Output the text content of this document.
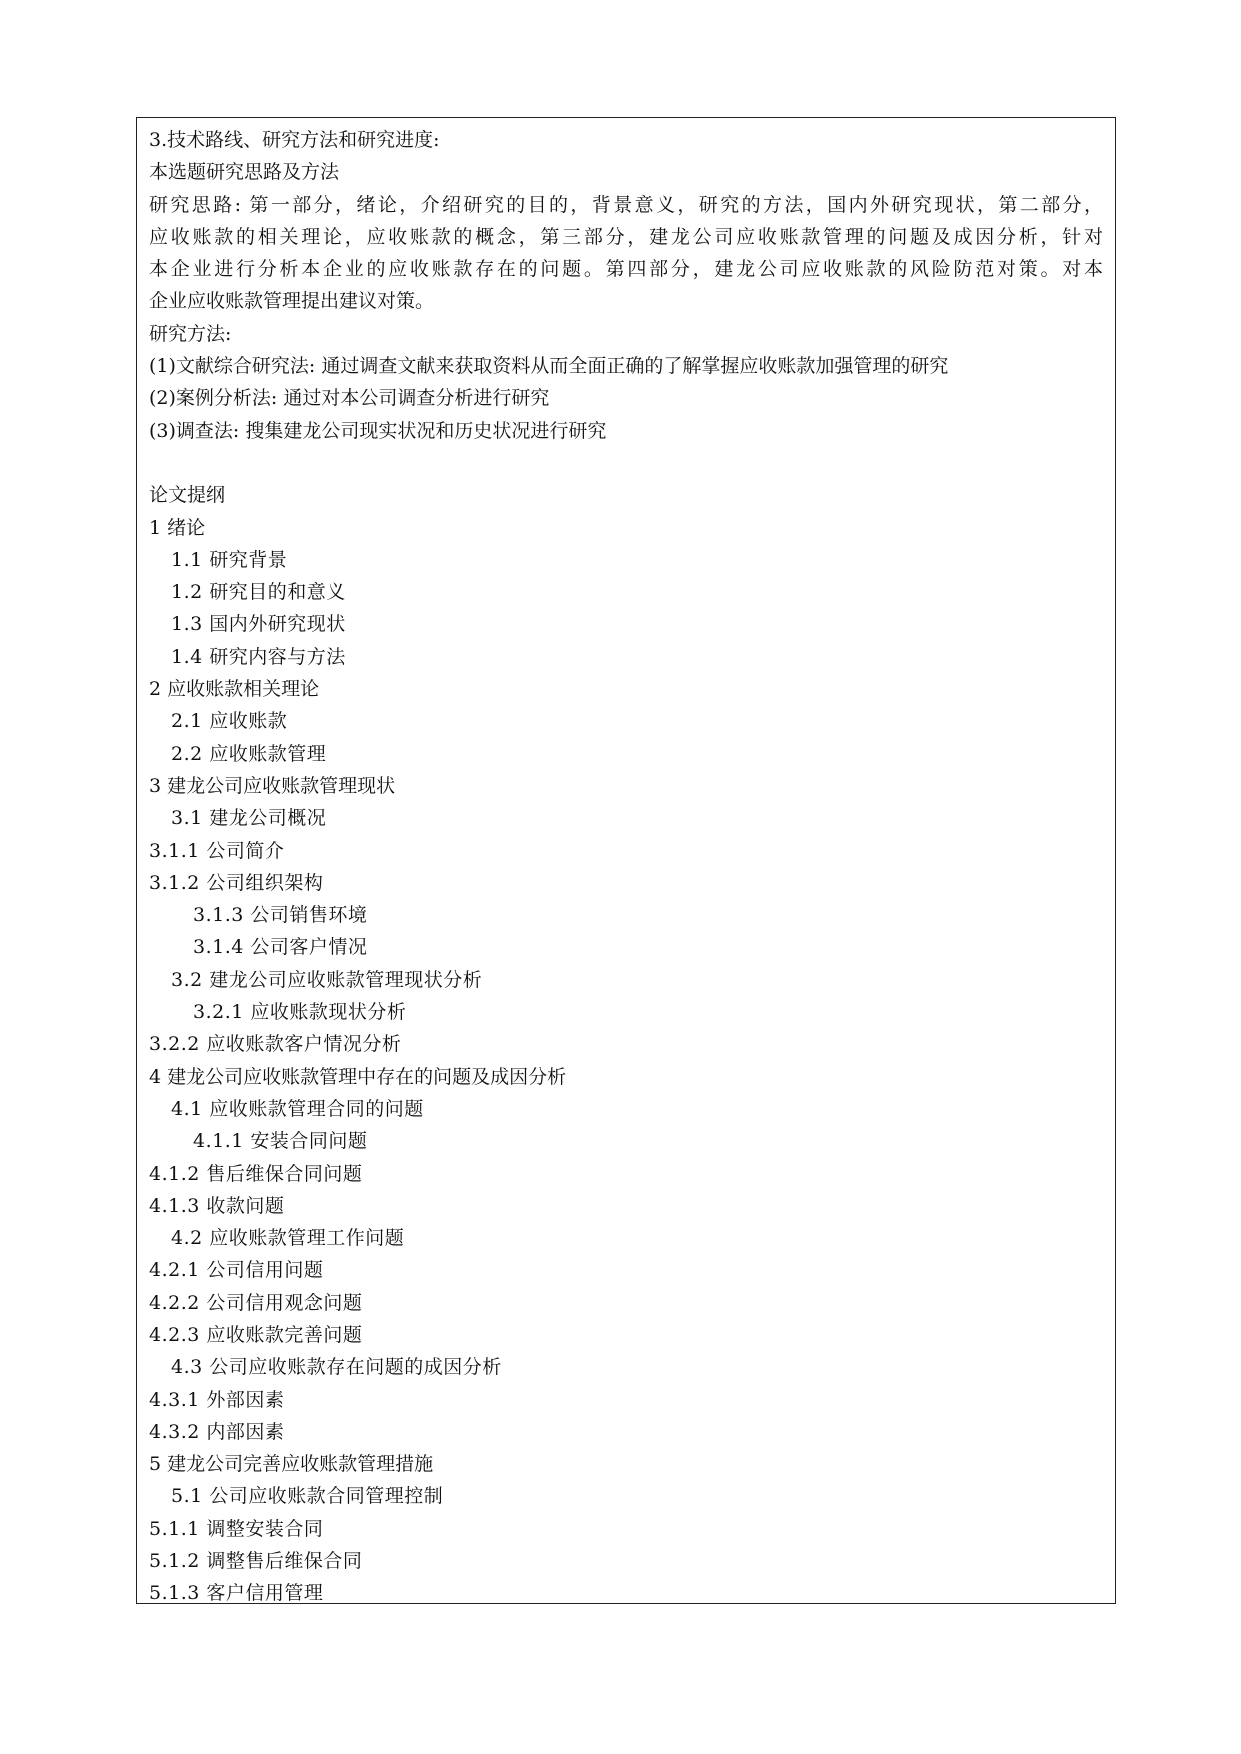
3.技术路线、研究方法和研究进度:
本选题研究思路及方法
研究思路: 第一部分，绪论，介绍研究的目的，背景意义，研究的方法，国内外研究现状，第二部分，
应收账款的相关理论，应收账款的概念，第三部分，建龙公司应收账款管理的问题及成因分析，针对
本企业进行分析本企业的应收账款存在的问题。第四部分，建龙公司应收账款的风险防范对策。对本
企业应收账款管理提出建议对策。
研究方法:
(1)文献综合研究法: 通过调查文献来获取资料从而全面正确的了解掌握应收账款加强管理的研究
(2)案例分析法: 通过对本公司调查分析进行研究
(3)调查法: 搜集建龙公司现实状况和历史状况进行研究
论文提纲
1 绪论
1.1 研究背景
1.2 研究目的和意义
1.3 国内外研究现状
1.4 研究内容与方法
2 应收账款相关理论
2.1 应收账款
2.2 应收账款管理
3 建龙公司应收账款管理现状
3.1 建龙公司概况
3.1.1 公司简介
3.1.2 公司组织架构
3.1.3 公司销售环境
3.1.4 公司客户情况
3.2 建龙公司应收账款管理现状分析
3.2.1 应收账款现状分析
3.2.2 应收账款客户情况分析
4 建龙公司应收账款管理中存在的问题及成因分析
4.1 应收账款管理合同的问题
4.1.1 安装合同问题
4.1.2 售后维保合同问题
4.1.3 收款问题
4.2 应收账款管理工作问题
4.2.1 公司信用问题
4.2.2 公司信用观念问题
4.2.3 应收账款完善问题
4.3 公司应收账款存在问题的成因分析
4.3.1 外部因素
4.3.2 内部因素
5 建龙公司完善应收账款管理措施
5.1 公司应收账款合同管理控制
5.1.1 调整安装合同
5.1.2 调整售后维保合同
5.1.3 客户信用管理
